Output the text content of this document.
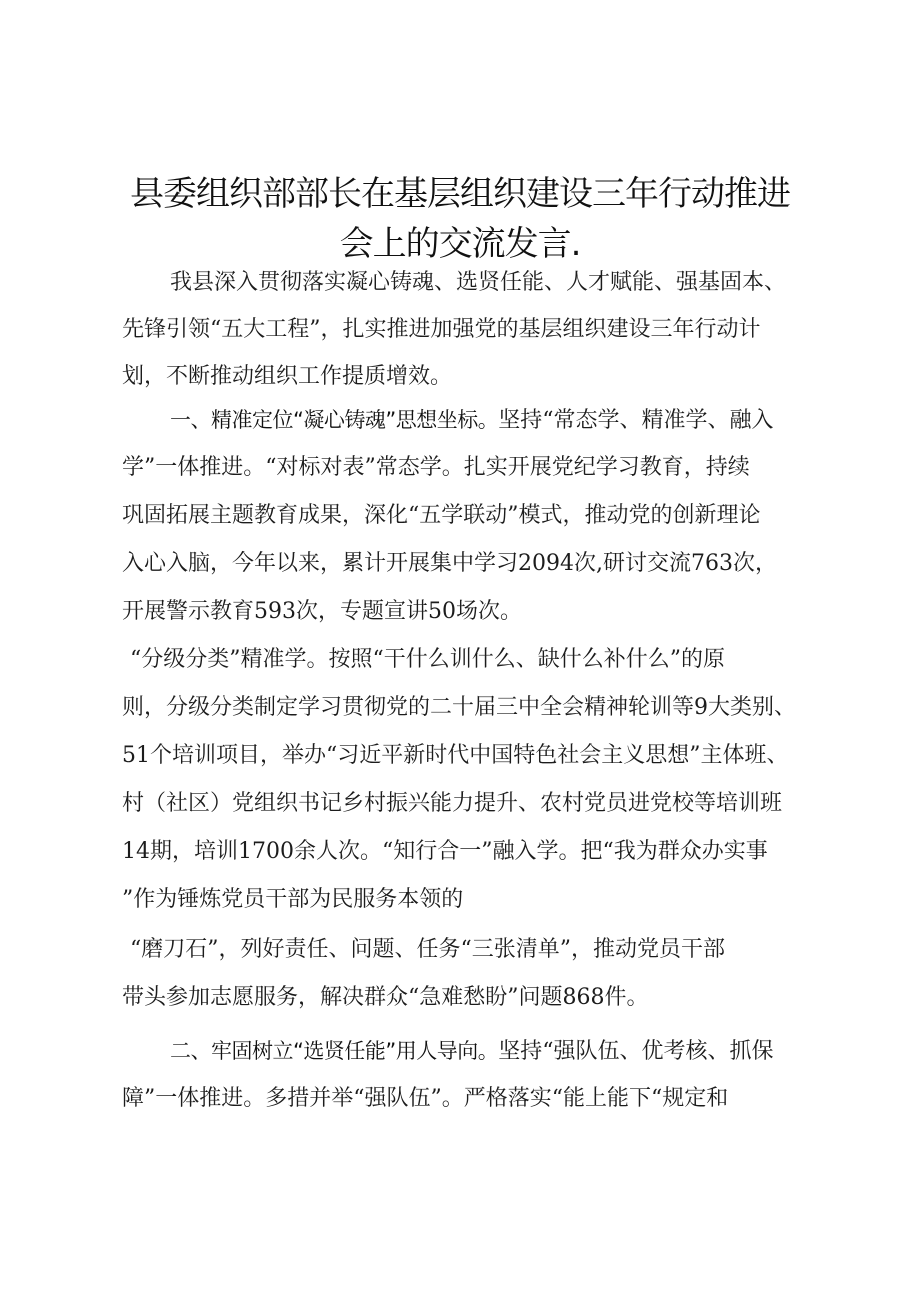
县委组织部部长在基层组织建设三年行动推进
会上的交流发言.
我县深入贯彻落实凝心铸魂、选贤任能、人才赋能、强基固本、
先锋引领“五大工程”，扎实推进加强党的基层组织建设三年行动计
划，不断推动组织工作提质增效。
一、精准定位“凝心铸魂”思想坐标。坚持“常态学、精准学、融入
学”一体推进。“对标对表”常态学。扎实开展党纪学习教育，持续
巩固拓展主题教育成果，深化“五学联动”模式，推动党的创新理论
入心入脑，今年以来，累计开展集中学习2094次,研讨交流763次，
开展警示教育593次，专题宣讲50场次。
“分级分类”精准学。按照“干什么训什么、缺什么补什么”的原
则，分级分类制定学习贯彻党的二十届三中全会精神轮训等9大类别、
51个培训项目，举办“习近平新时代中国特色社会主义思想”主体班、
村（社区）党组织书记乡村振兴能力提升、农村党员进党校等培训班
14期，培训1700余人次。“知行合一”融入学。把“我为群众办实事
”作为锤炼党员干部为民服务本领的
“磨刀石”，列好责任、问题、任务“三张清单”，推动党员干部
带头参加志愿服务，解决群众“急难愁盼”问题868件。
二、牢固树立“选贤任能”用人导向。坚持“强队伍、优考核、抓保
障”一体推进。多措并举“强队伍”。严格落实“能上能下“规定和
